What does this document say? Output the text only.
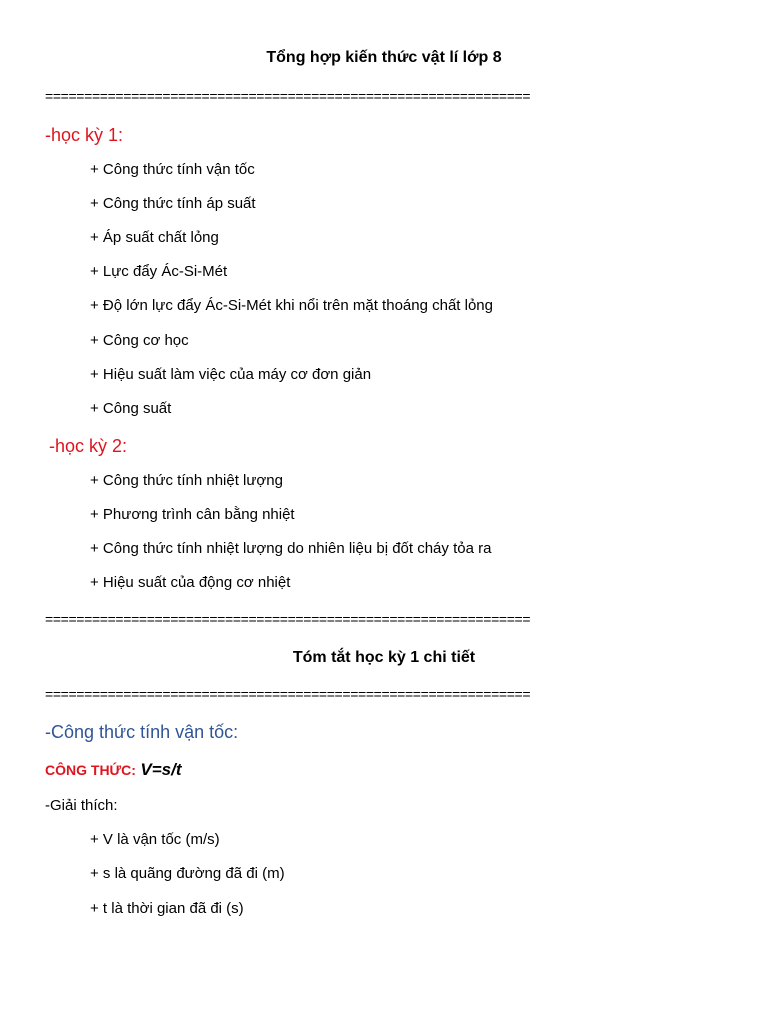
Tổng hợp kiến thức vật lí lớp 8
==============================================================
-học kỳ 1:
+ Công thức tính vận tốc
+ Công thức tính áp suất
+ Áp suất chất lỏng
+ Lực đẩy Ác-Si-Mét
+ Độ lớn lực đẩy Ác-Si-Mét khi nổi trên mặt thoáng chất lỏng
+ Công cơ học
+ Hiệu suất làm việc của máy cơ đơn giản
+ Công suất
-học kỳ 2:
+ Công thức tính nhiệt lượng
+ Phương trình cân bằng nhiệt
+ Công thức tính nhiệt lượng do nhiên liệu bị đốt cháy tỏa ra
+ Hiệu suất của động cơ nhiệt
==============================================================
Tóm tắt học kỳ 1 chi tiết
==============================================================
-Công thức tính vận tốc:
CÔNG THỨC: V=s/t
-Giải thích:
+ V là vận tốc (m/s)
+ s là quãng đường đã đi (m)
+ t là thời gian đã đi (s)
